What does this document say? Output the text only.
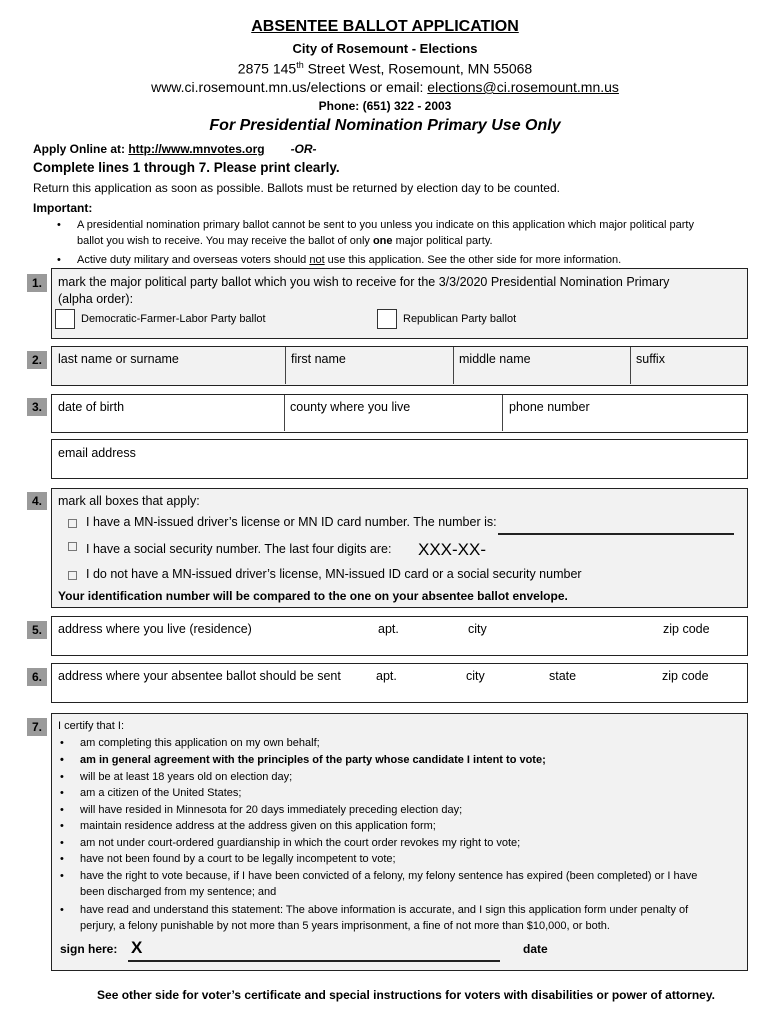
ABSENTEE BALLOT APPLICATION
City of Rosemount - Elections
2875 145th Street West, Rosemount, MN 55068
www.ci.rosemount.mn.us/elections or email: elections@ci.rosemount.mn.us
Phone: (651) 322 - 2003
For Presidential Nomination Primary Use Only
Apply Online at: http://www.mnvotes.org -OR-
Complete lines 1 through 7. Please print clearly.
Return this application as soon as possible. Ballots must be returned by election day to be counted.
Important:
• A presidential nomination primary ballot cannot be sent to you unless you indicate on this application which major political party
ballot you wish to receive. You may receive the ballot of only one major political party.
• Active duty military and overseas voters should not use this application. See the other side for more information.
1.	mark the major political party ballot which you wish to receive for the 3/3/2020 Presidential Nomination Primary
(alpha order):
Democratic-Farmer-Labor Party ballot	Republican Party ballot
2.	last name or surname	first name	middle name	suffix
3.	date of birth	county where you live	phone number
email address
4.	mark all boxes that apply:
I have a MN-issued driver’s license or MN ID card number. The number is:
I have a social security number. The last four digits are: XXX-XX-
I do not have a MN-issued driver’s license, MN-issued ID card or a social security number
Your identification number will be compared to the one on your absentee ballot envelope.
5.	address where you live (residence)	apt.	city	zip code
6.	address where your absentee ballot should be sent	apt.	city	state	zip code
7.	I certify that I:
• am completing this application on my own behalf;
• am in general agreement with the principles of the party whose candidate I intent to vote;
• will be at least 18 years old on election day;
• am a citizen of the United States;
• will have resided in Minnesota for 20 days immediately preceding election day;
• maintain residence address at the address given on this application form;
• am not under court-ordered guardianship in which the court order revokes my right to vote;
• have not been found by a court to be legally incompetent to vote;
• have the right to vote because, if I have been convicted of a felony, my felony sentence has expired (been completed) or I have
been discharged from my sentence; and
• have read and understand this statement: The above information is accurate, and I sign this application form under penalty of
perjury, a felony punishable by not more than 5 years imprisonment, a fine of not more than $10,000, or both.
sign here: X	date
See other side for voter’s certificate and special instructions for voters with disabilities or power of attorney.
